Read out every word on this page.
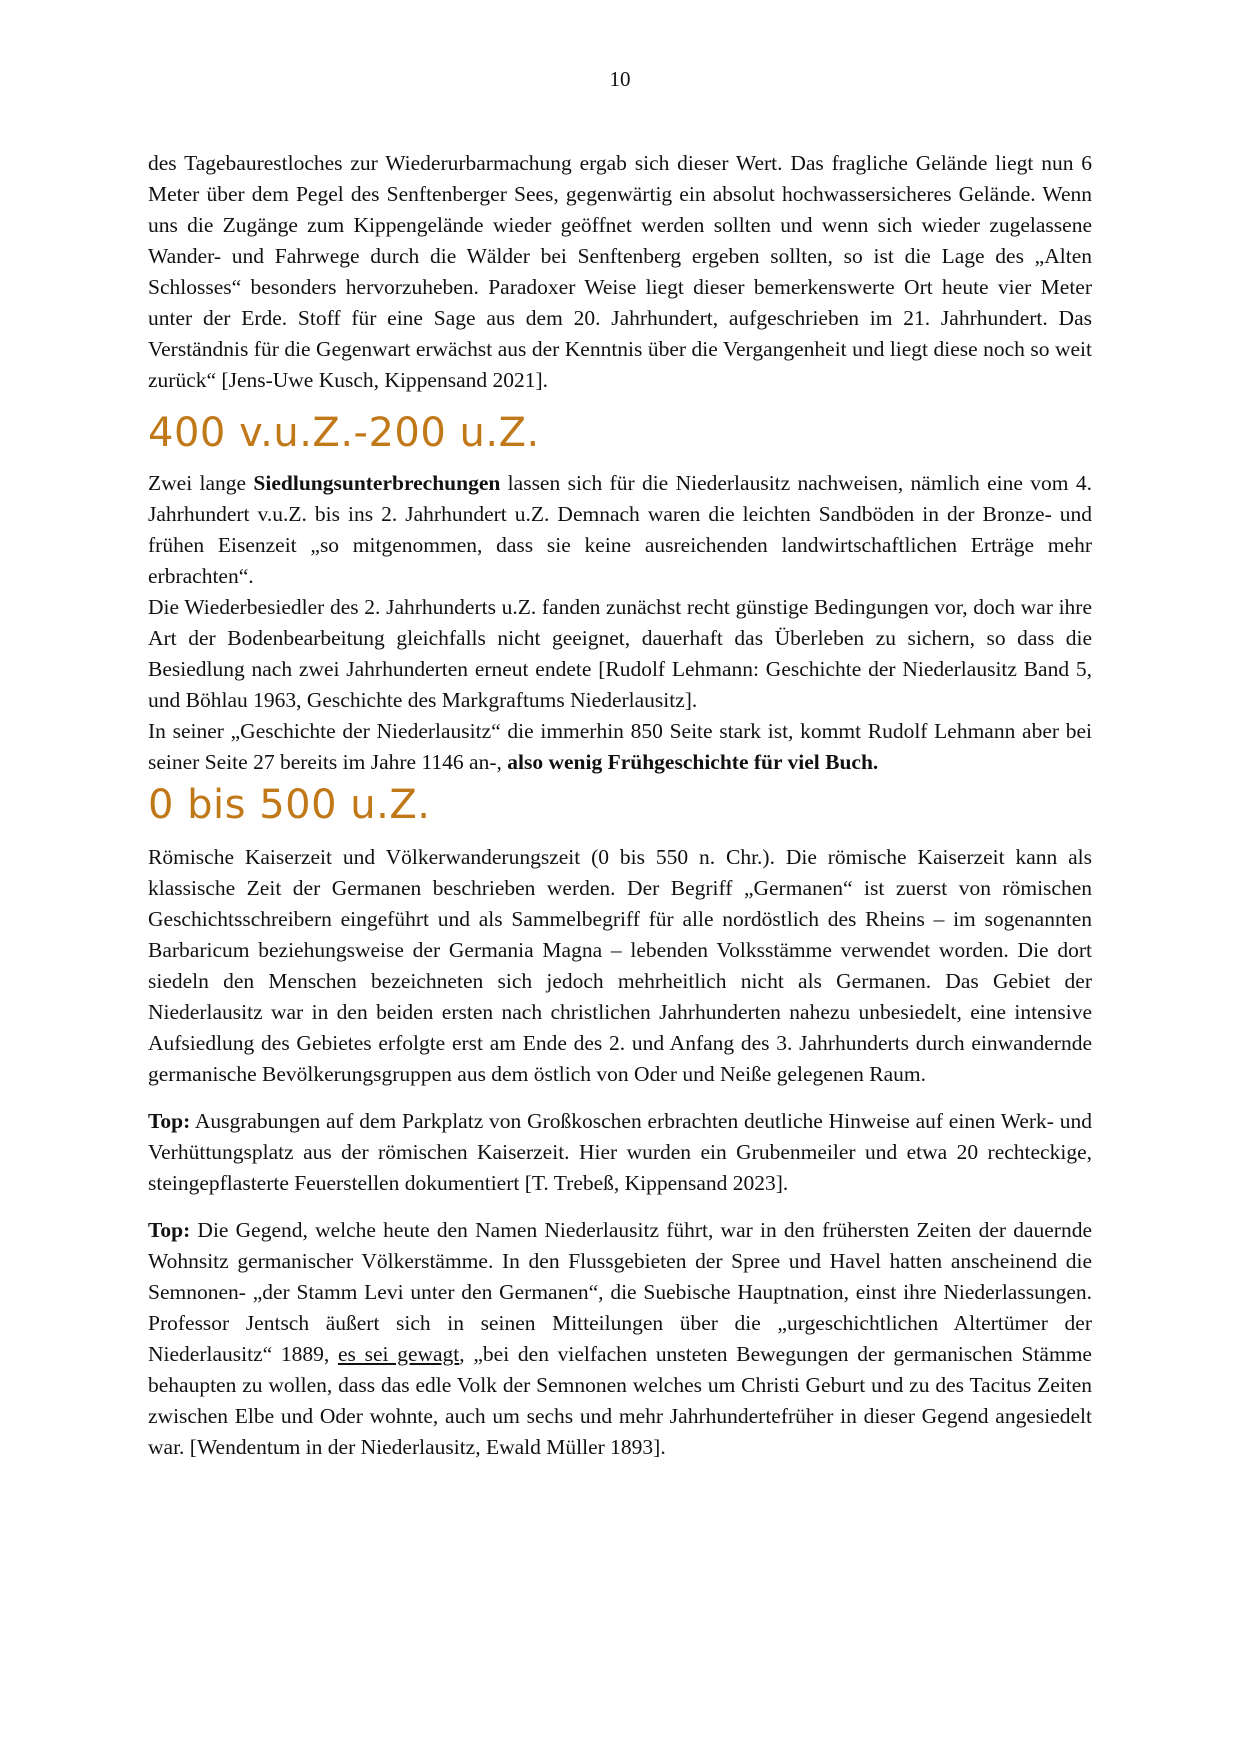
10

des Tagebaurestloches zur Wiederurbarmachung ergab sich dieser Wert. Das fragliche Gelände liegt nun 6 Meter über dem Pegel des Senftenberger Sees, gegenwärtig ein absolut hochwassersicheres Gelände. Wenn uns die Zugänge zum Kippengelände wieder geöffnet werden sollten und wenn sich wieder zugelassene Wander- und Fahrwege durch die Wälder bei Senftenberg ergeben sollten, so ist die Lage des „Alten Schlosses“ besonders hervorzuheben. Paradoxer Weise liegt dieser bemerkenswerte Ort heute vier Meter unter der Erde. Stoff für eine Sage aus dem 20. Jahrhundert, aufgeschrieben im 21. Jahrhundert. Das Verständnis für die Gegenwart erwächst aus der Kenntnis über die Vergangenheit und liegt diese noch so weit zurück“ [Jens-Uwe Kusch, Kippensand 2021].

400 v.u.Z.-200 u.Z.

Zwei lange Siedlungsunterbrechungen lassen sich für die Niederlausitz nachweisen, nämlich eine vom 4. Jahrhundert v.u.Z. bis ins 2. Jahrhundert u.Z. Demnach waren die leichten Sandböden in der Bronze- und frühen Eisenzeit „so mitgenommen, dass sie keine ausreichenden landwirtschaftlichen Erträge mehr erbrachten“.

Die Wiederbesiedler des 2. Jahrhunderts u.Z. fanden zunächst recht günstige Bedingungen vor, doch war ihre Art der Bodenbearbeitung gleichfalls nicht geeignet, dauerhaft das Überleben zu sichern, so dass die Besiedlung nach zwei Jahrhunderten erneut endete [Rudolf Lehmann: Geschichte der Niederlausitz Band 5, und Böhlau 1963, Geschichte des Markgraftums Niederlausitz].

In seiner „Geschichte der Niederlausitz“ die immerhin 850 Seite stark ist, kommt Rudolf Lehmann aber bei seiner Seite 27 bereits im Jahre 1146 an-, also wenig Frühgeschichte für viel Buch.

0 bis 500 u.Z.

Römische Kaiserzeit und Völkerwanderungszeit (0 bis 550 n. Chr.). Die römische Kaiserzeit kann als klassische Zeit der Germanen beschrieben werden. Der Begriff „Germanen“ ist zuerst von römischen Geschichtsschreibern eingeführt und als Sammelbegriff für alle nordöstlich des Rheins – im sogenannten Barbaricum beziehungsweise der Germania Magna – lebenden Volksstämme verwendet worden. Die dort siedeln den Menschen bezeichneten sich jedoch mehrheitlich nicht als Germanen. Das Gebiet der Niederlausitz war in den beiden ersten nach christlichen Jahrhunderten nahezu unbesiedelt, eine intensive Aufsiedlung des Gebietes erfolgte erst am Ende des 2. und Anfang des 3. Jahrhunderts durch einwandernde germanische Bevölkerungsgruppen aus dem östlich von Oder und Neiße gelegenen Raum.

Top: Ausgrabungen auf dem Parkplatz von Großkoschen erbrachten deutliche Hinweise auf einen Werk- und Verhüttungsplatz aus der römischen Kaiserzeit. Hier wurden ein Grubenmeiler und etwa 20 rechteckige, steingepflasterte Feuerstellen dokumentiert [T. Trebeß, Kippensand 2023].

Top: Die Gegend, welche heute den Namen Niederlausitz führt, war in den frühersten Zeiten der dauernde Wohnsitz germanischer Völkerstämme. In den Flussgebieten der Spree und Havel hatten anscheinend die Semnonen- „der Stamm Levi unter den Germanen“, die Suebische Hauptnation, einst ihre Niederlassungen. Professor Jentsch äußert sich in seinen Mitteilungen über die „urgeschichtlichen Altertümer der Niederlausitz“ 1889, es sei gewagt, „bei den vielfachen unsteten Bewegungen der germanischen Stämme behaupten zu wollen, dass das edle Volk der Semnonen welches um Christi Geburt und zu des Tacitus Zeiten zwischen Elbe und Oder wohnte, auch um sechs und mehr Jahrhundertefrüher in dieser Gegend angesiedelt war. [Wendentum in der Niederlausitz, Ewald Müller 1893].
